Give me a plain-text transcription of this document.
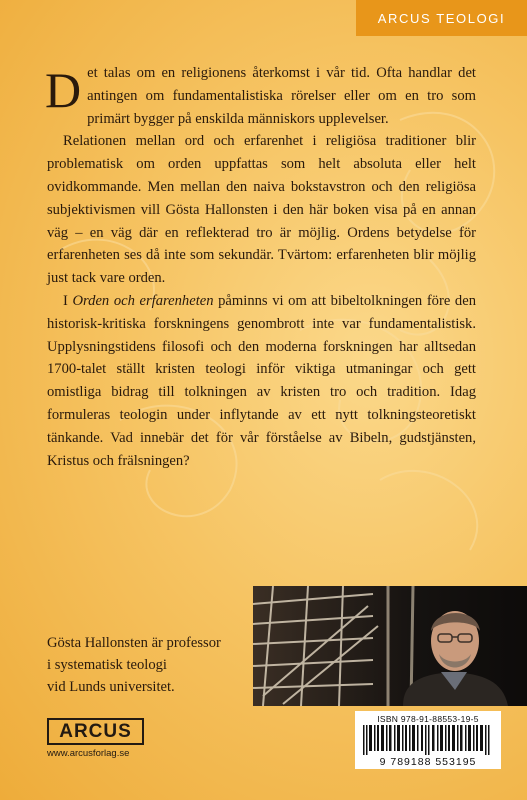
ARCUS TEOLOGI

Det talas om en religionens återkomst i vår tid. Ofta handlar det antingen om fundamentalistiska rörelser eller om en tro som primärt bygger på enskilda människors upplevelser.

Relationen mellan ord och erfarenhet i religiösa traditioner blir problematisk om orden uppfattas som helt absoluta eller helt ovidkommande. Men mellan den naiva bokstavstron och den religiösa subjektivismen vill Gösta Hallonsten i den här boken visa på en annan väg – en väg där en reflekterad tro är möjlig. Ordens betydelse för erfarenheten ses då inte som sekundär. Tvärtom: erfarenheten blir möjlig just tack vare orden.

I Orden och erfarenheten påminns vi om att bibeltolkningen före den historisk-kritiska forskningens genombrott inte var fundamentalistisk. Upplysningstidens filosofi och den moderna forskningen har alltsedan 1700-talet ställt kristen teologi inför viktiga utmaningar och gett omistliga bidrag till tolkningen av kristen tro och tradition. Idag formuleras teologin under inflytande av ett nytt tolkningsteoretiskt tänkande. Vad innebär det för vår förståelse av Bibeln, gudstjänsten, Kristus och frälsningen?

Gösta Hallonsten är professor
i systematisk teologi
vid Lunds universitet.
ARCUS
www.arcusforlag.se
ISBN 978-91-88553-19-5
9 789188 553195
